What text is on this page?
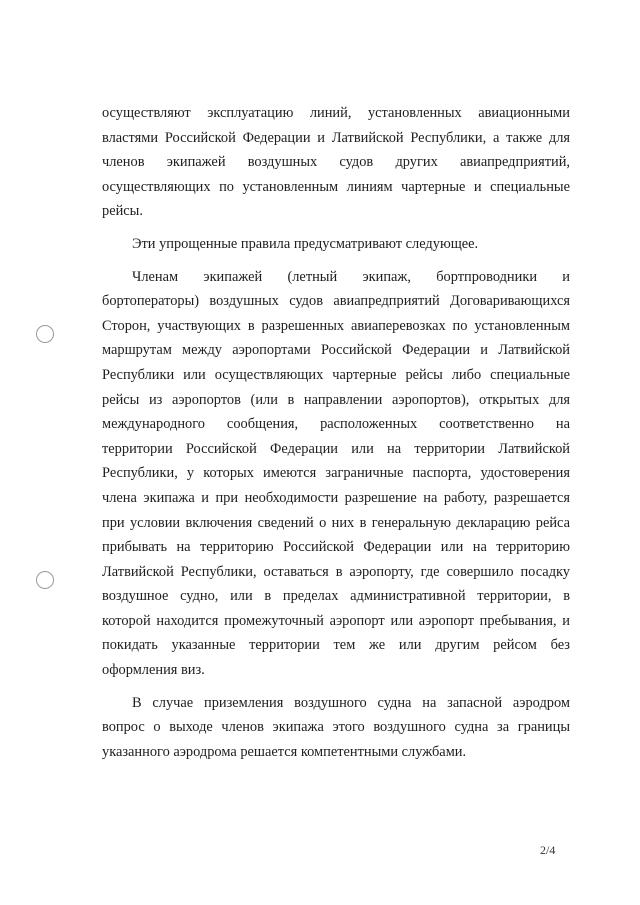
осуществляют эксплуатацию линий, установленных авиационными
властями Российской Федерации и Латвийской Республики, а также для
членов экипажей воздушных судов других авиапредприятий,
осуществляющих по установленным линиям чартерные и специальные
рейсы.
Эти упрощенные правила предусматривают следующее.
Членам экипажей (летный экипаж, бортпроводники и
бортоператоры) воздушных судов авиапредприятий Договаривающихся
Сторон, участвующих в разрешенных авиаперевозках по установленным
маршрутам между аэропортами Российской Федерации и Латвийской
Республики или осуществляющих чартерные рейсы либо специальные
рейсы из аэропортов (или в направлении аэропортов), открытых для
международного сообщения, расположенных соответственно на
территории Российской Федерации или на территории Латвийской
Республики, у которых имеются заграничные паспорта, удостоверения
члена экипажа и при необходимости разрешение на работу, разрешается
при условии включения сведений о них в генеральную декларацию рейса
прибывать на территорию Российской Федерации или на территорию
Латвийской Республики, оставаться в аэропорту, где совершило посадку
воздушное судно, или в пределах административной территории, в
которой находится промежуточный аэропорт или аэропорт пребывания, и
покидать указанные территории тем же или другим рейсом без
оформления виз.
В случае приземления воздушного судна на запасной аэродром
вопрос о выходе членов экипажа этого воздушного судна за границы
указанного аэродрома решается компетентными службами.
2/4
